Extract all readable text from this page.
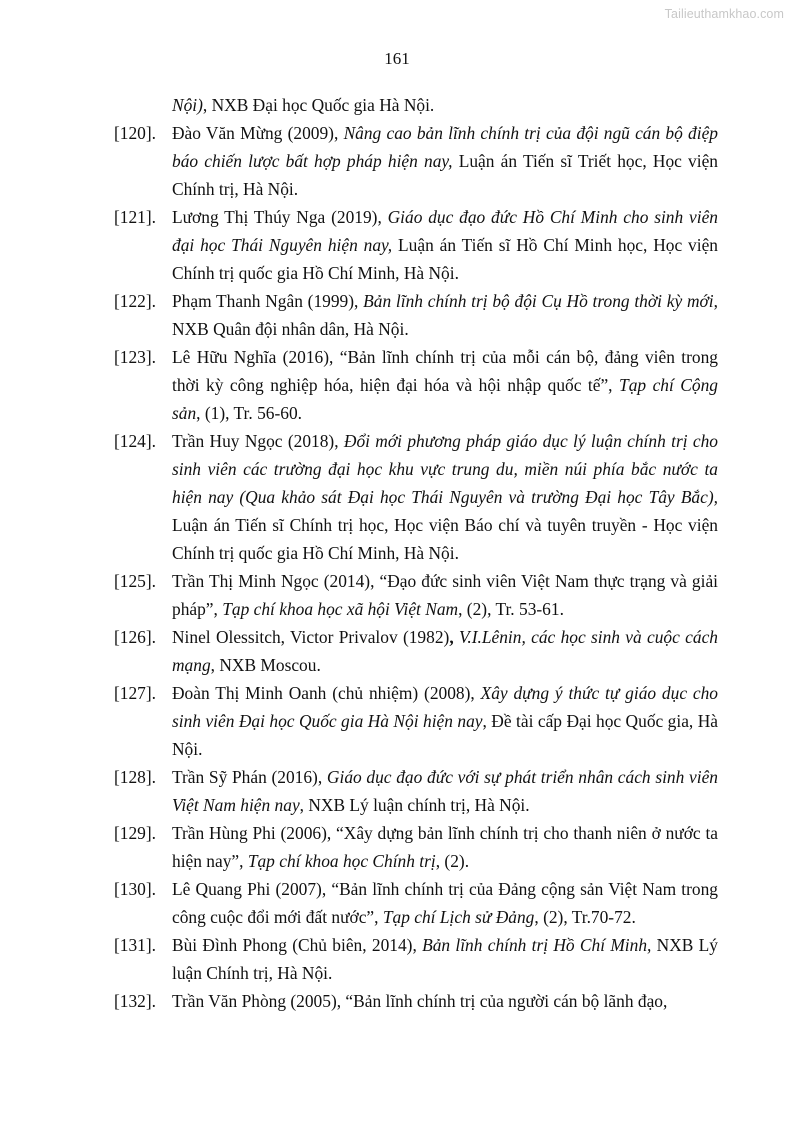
Tailieuthamkhao.com
161
Nội), NXB Đại học Quốc gia Hà Nội.
[120]. Đào Văn Mừng (2009), Nâng cao bản lĩnh chính trị của đội ngũ cán bộ điệp báo chiến lược bất hợp pháp hiện nay, Luận án Tiến sĩ Triết học, Học viện Chính trị, Hà Nội.
[121]. Lương Thị Thúy Nga (2019), Giáo dục đạo đức Hồ Chí Minh cho sinh viên đại học Thái Nguyên hiện nay, Luận án Tiến sĩ Hồ Chí Minh học, Học viện Chính trị quốc gia Hồ Chí Minh, Hà Nội.
[122]. Phạm Thanh Ngân (1999), Bản lĩnh chính trị bộ đội Cụ Hồ trong thời kỳ mới, NXB Quân đội nhân dân, Hà Nội.
[123]. Lê Hữu Nghĩa (2016), “Bản lĩnh chính trị của mỗi cán bộ, đảng viên trong thời kỳ công nghiệp hóa, hiện đại hóa và hội nhập quốc tế”, Tạp chí Cộng sản, (1), Tr. 56-60.
[124]. Trần Huy Ngọc (2018), Đổi mới phương pháp giáo dục lý luận chính trị cho sinh viên các trường đại học khu vực trung du, miền núi phía bắc nước ta hiện nay (Qua khảo sát Đại học Thái Nguyên và trường Đại học Tây Bắc), Luận án Tiến sĩ Chính trị học, Học viện Báo chí và tuyên truyền - Học viện Chính trị quốc gia Hồ Chí Minh, Hà Nội.
[125]. Trần Thị Minh Ngọc (2014), “Đạo đức sinh viên Việt Nam thực trạng và giải pháp”, Tạp chí khoa học xã hội Việt Nam, (2), Tr. 53-61.
[126]. Ninel Olessitch, Victor Privalov (1982), V.I.Lênin, các học sinh và cuộc cách mạng, NXB Moscou.
[127]. Đoàn Thị Minh Oanh (chủ nhiệm) (2008), Xây dựng ý thức tự giáo dục cho sinh viên Đại học Quốc gia Hà Nội hiện nay, Đề tài cấp Đại học Quốc gia, Hà Nội.
[128]. Trần Sỹ Phán (2016), Giáo dục đạo đức với sự phát triển nhân cách sinh viên Việt Nam hiện nay, NXB Lý luận chính trị, Hà Nội.
[129]. Trần Hùng Phi (2006), “Xây dựng bản lĩnh chính trị cho thanh niên ở nước ta hiện nay”, Tạp chí khoa học Chính trị, (2).
[130]. Lê Quang Phi (2007), “Bản lĩnh chính trị của Đảng cộng sản Việt Nam trong công cuộc đổi mới đất nước”, Tạp chí Lịch sử Đảng, (2), Tr.70-72.
[131]. Bùi Đình Phong (Chủ biên, 2014), Bản lĩnh chính trị Hồ Chí Minh, NXB Lý luận Chính trị, Hà Nội.
[132]. Trần Văn Phòng (2005), “Bản lĩnh chính trị của người cán bộ lãnh đạo,
